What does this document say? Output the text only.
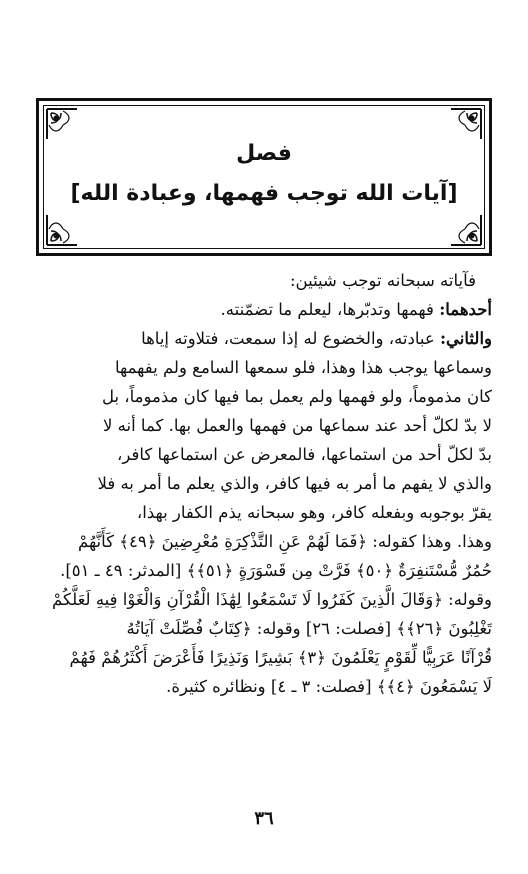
فصل
[آيات الله توجب فهمها، وعبادة الله]
فآياته سبحانه توجب شيئين:
أحدهما: فهمها وتدبّرها، ليعلم ما تضمّنته.
والثاني: عبادته، والخضوع له إذا سمعت، فتلاوته إياها
وسماعها يوجب هذا وهذا، فلو سمعها السامع ولم يفهمها
كان مذموماً، ولو فهمها ولم يعمل بما فيها كان مذموماً، بل
لا بدّ لكلّ أحد عند سماعها من فهمها والعمل بها. كما أنه لا
بدّ لكلّ أحد من استماعها، فالمعرض عن استماعها كافر،
والذي لا يفهم ما أمر به فيها كافر، والذي يعلم ما أمر به فلا
يقرّ بوجوبه وبفعله كافر، وهو سبحانه يذم الكفار بهذا،
وهذا. وهذا كقوله: ﴿فَمَا لَهُمْ عَنِ التَّذْكِرَةِ مُعْرِضِينَ ﴿٤٩﴾ كَأَنَّهُمْ
حُمُرٌ مُّسْتَنفِرَةٌ ﴿٥٠﴾ فَرَّتْ مِن قَسْوَرَةٍ ﴿٥١﴾﴾ [المدثر: ٤٩ ـ ٥١].
وقوله: ﴿وَقَالَ الَّذِينَ كَفَرُوا لَا تَسْمَعُوا لِهَٰذَا الْقُرْآنِ وَالْغَوْا فِيهِ لَعَلَّكُمْ
تَغْلِبُونَ ﴿٢٦﴾﴾ [فصلت: ٢٦] وقوله: ﴿كِتَابٌ فُصِّلَتْ آيَاتُهُ
قُرْآنًا عَرَبِيًّا لِّقَوْمٍ يَعْلَمُونَ ﴿٣﴾ بَشِيرًا وَنَذِيرًا فَأَعْرَضَ أَكْثَرُهُمْ فَهُمْ
لَا يَسْمَعُونَ ﴿٤﴾﴾ [فصلت: ٣ ـ ٤] ونظائره كثيرة.
٣٦
